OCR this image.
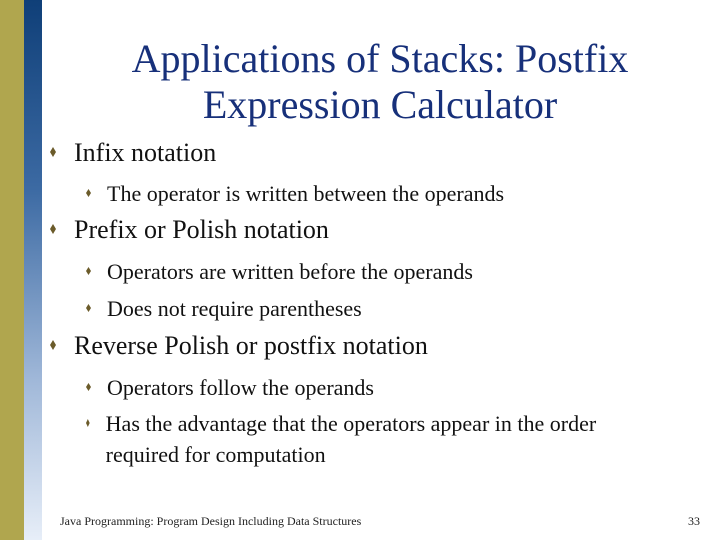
Applications of Stacks: Postfix
Expression Calculator
Infix notation
The operator is written between the operands
Prefix or Polish notation
Operators are written before the operands
Does not require parentheses
Reverse Polish or postfix notation
Operators follow the operands
Has the advantage that the operators appear in the order required for computation
Java Programming: Program Design Including Data Structures	33
